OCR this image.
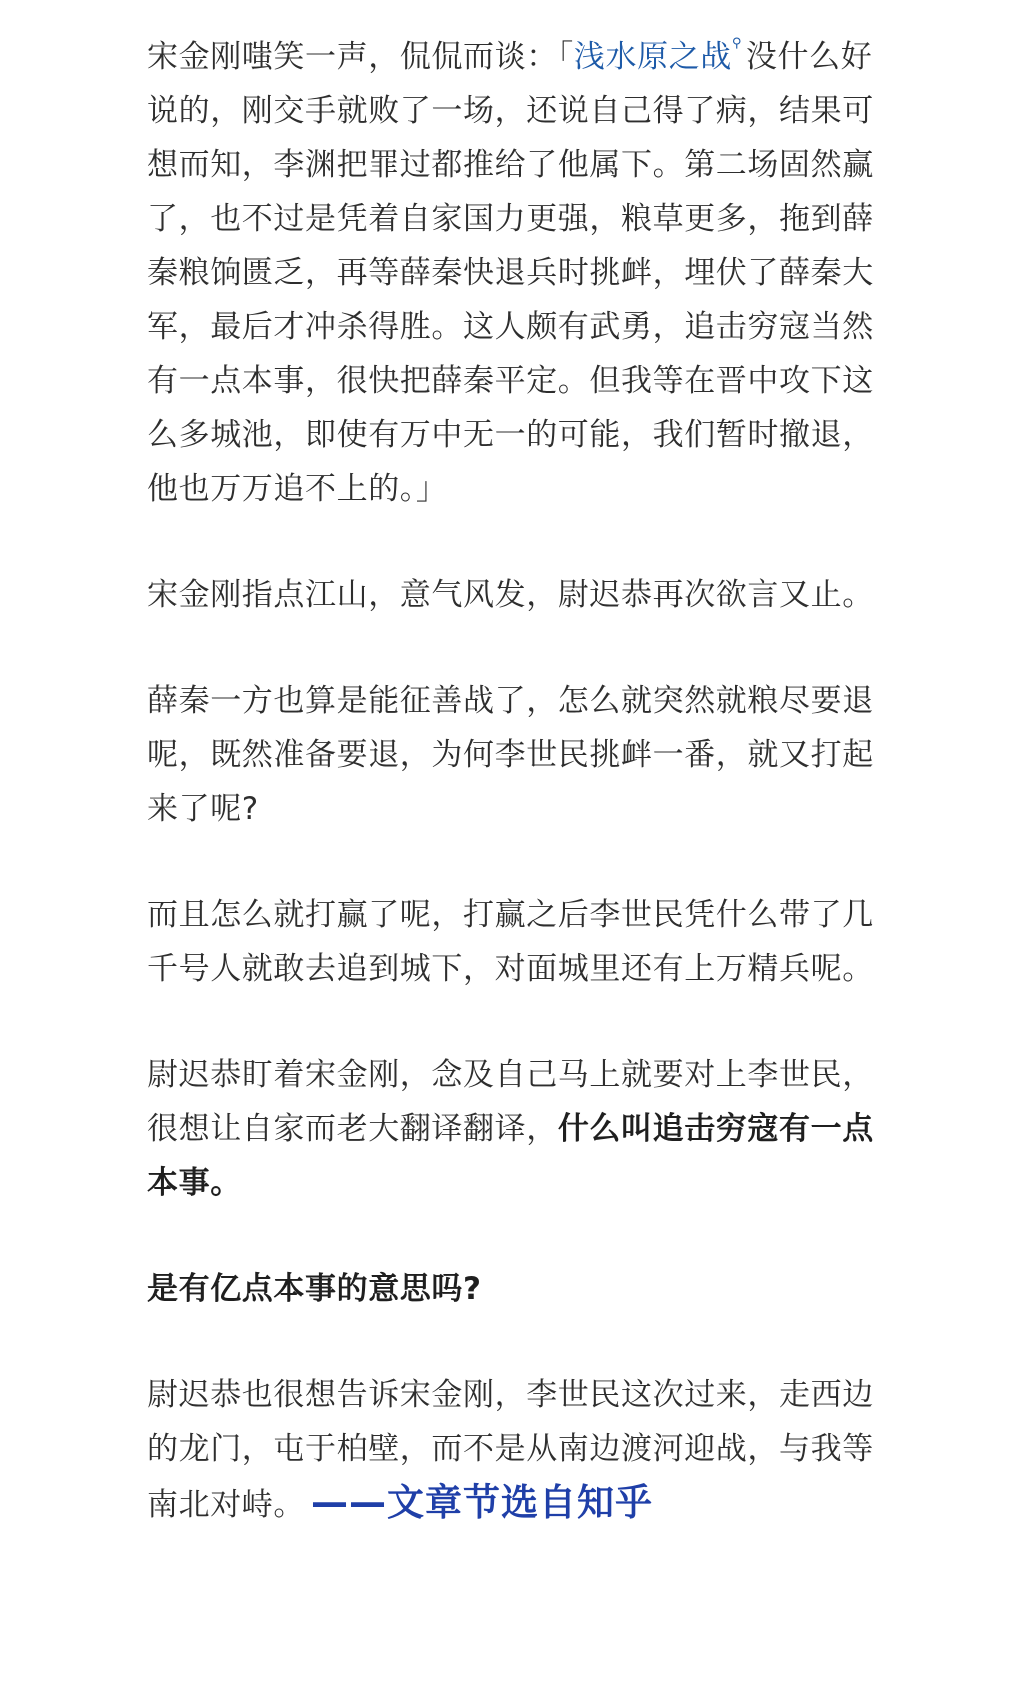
宋金刚嗤笑一声，侃侃而谈：「浅水原之战⚲ 没什么好说的，刚交手就败了一场，还说自己得了病，结果可想而知，李渊把罪过都推给了他属下。第二场固然赢了，也不过是凭着自家国力更强，粮草更多，拖到薛秦粮饷匮乏，再等薛秦快退兵时挑衅，埋伏了薛秦大军，最后才冲杀得胜。这人颇有武勇，追击穷寇当然有一点本事，很快把薛秦平定。但我等在晋中攻下这么多城池，即使有万中无一的可能，我们暂时撤退，他也万万追不上的。」

宋金刚指点江山，意气风发，尉迟恭再次欲言又止。

薛秦一方也算是能征善战了，怎么就突然就粮尽要退呢，既然准备要退，为何李世民挑衅一番，就又打起来了呢?

而且怎么就打赢了呢，打赢之后李世民凭什么带了几千号人就敢去追到城下，对面城里还有上万精兵呢。

尉迟恭盯着宋金刚，念及自己马上就要对上李世民，很想让自家而老大翻译翻译，什么叫追击穷寇有一点本事。

是有亿点本事的意思吗?

尉迟恭也很想告诉宋金刚，李世民这次过来，走西边的龙门，屯于柏壁，而不是从南边渡河迎战，与我等南北对峙。 ——文章节选自知乎
